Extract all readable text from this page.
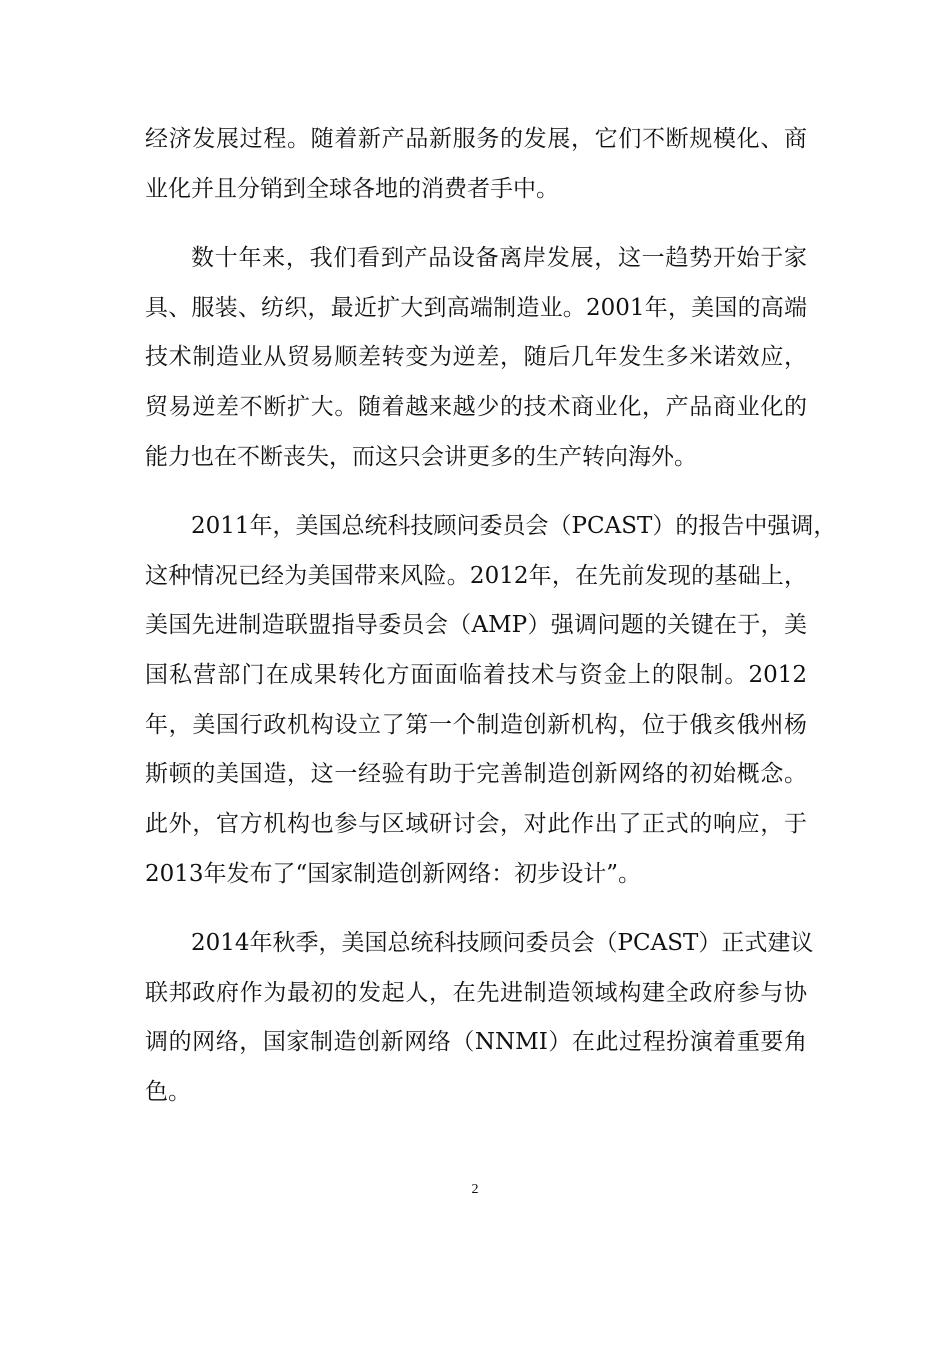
经济发展过程。随着新产品新服务的发展，它们不断规模化、商
业化并且分销到全球各地的消费者手中。
数十年来，我们看到产品设备离岸发展，这一趋势开始于家
具、服装、纺织，最近扩大到高端制造业。2001年，美国的高端
技术制造业从贸易顺差转变为逆差，随后几年发生多米诺效应，
贸易逆差不断扩大。随着越来越少的技术商业化，产品商业化的
能力也在不断丧失，而这只会讲更多的生产转向海外。
2011年，美国总统科技顾问委员会（PCAST）的报告中强调，
这种情况已经为美国带来风险。2012年，在先前发现的基础上，
美国先进制造联盟指导委员会（AMP）强调问题的关键在于，美
国私营部门在成果转化方面面临着技术与资金上的限制。2012
年，美国行政机构设立了第一个制造创新机构，位于俄亥俄州杨
斯顿的美国造，这一经验有助于完善制造创新网络的初始概念。
此外，官方机构也参与区域研讨会，对此作出了正式的响应，于
2013年发布了“国家制造创新网络：初步设计”。
2014年秋季，美国总统科技顾问委员会（PCAST）正式建议
联邦政府作为最初的发起人，在先进制造领域构建全政府参与协
调的网络，国家制造创新网络（NNMI）在此过程扮演着重要角
色。
2
